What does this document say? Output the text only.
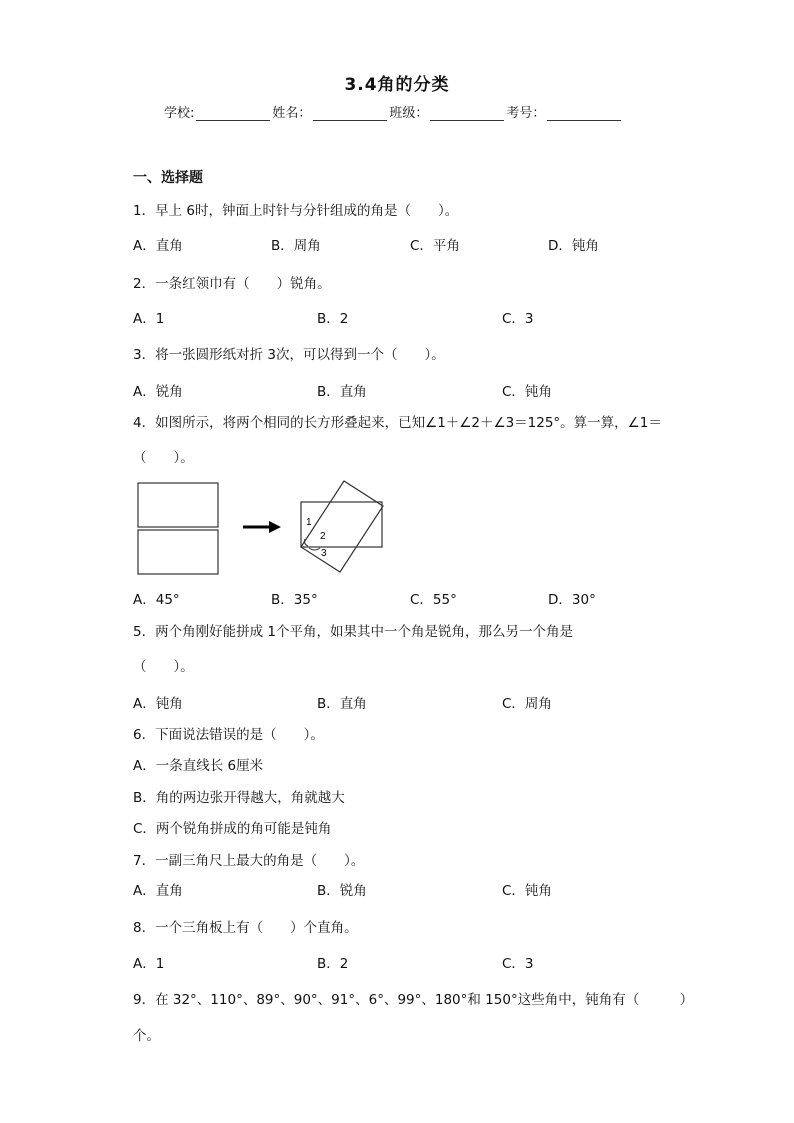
3.4角的分类
学校:	姓名：	班级：	考号：
一、选择题
1．早上 6时，钟面上时针与分针组成的角是（　　）。
A．直角	B．周角	C．平角	D．钝角
2．一条红领巾有（　　）锐角。
A．1	B．2	C．3
3．将一张圆形纸对折 3次，可以得到一个（　　）。
A．锐角	B．直角	C．钝角
4．如图所示，将两个相同的长方形叠起来，已知∠1＋∠2＋∠3＝125°。算一算，∠1＝
（　　）。
1
2
3
A．45°	B．35°	C．55°	D．30°
5．两个角刚好能拼成 1个平角，如果其中一个角是锐角，那么另一个角是
（　　）。
A．钝角	B．直角	C．周角
6．下面说法错误的是（　　）。
A．一条直线长 6厘米
B．角的两边张开得越大，角就越大
C．两个锐角拼成的角可能是钝角
7．一副三角尺上最大的角是（　　）。
A．直角	B．锐角	C．钝角
8．一个三角板上有（　　）个直角。
A．1	B．2	C．3
9．在 32°、110°、89°、90°、91°、6°、99°、180°和 150°这些角中，钝角有（　　　）
个。
